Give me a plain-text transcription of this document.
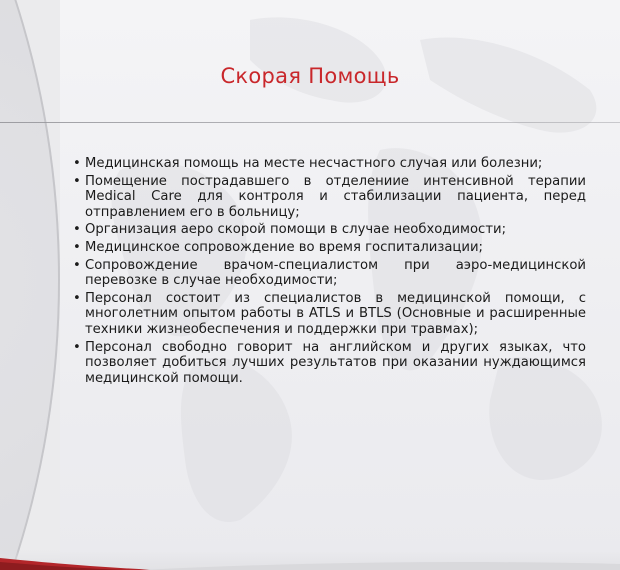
Скорая Помощь
• Медицинская помощь на месте несчастного случая или болезни;
• Помещение пострадавшего в отделениие интенсивной терапии Medical Care для контроля и стабилизации пациента, перед отправлением его в больницу;
• Организация аеро скорой помощи в случае необходимости;
• Медицинское сопровождение во время госпитализации;
• Сопровождение врачом-специалистом при аэро-медицинской перевозке в случае необходимости;
• Персонал состоит из специалистов в медицинской помощи, с многолетним опытом работы в ATLS и BTLS (Основные и расширенные техники жизнеобеспечения и поддержки при травмах);
• Персонал свободно говорит на английском и других языках, что позволяет добиться лучших результатов при оказании нуждающимся медицинской помощи.
